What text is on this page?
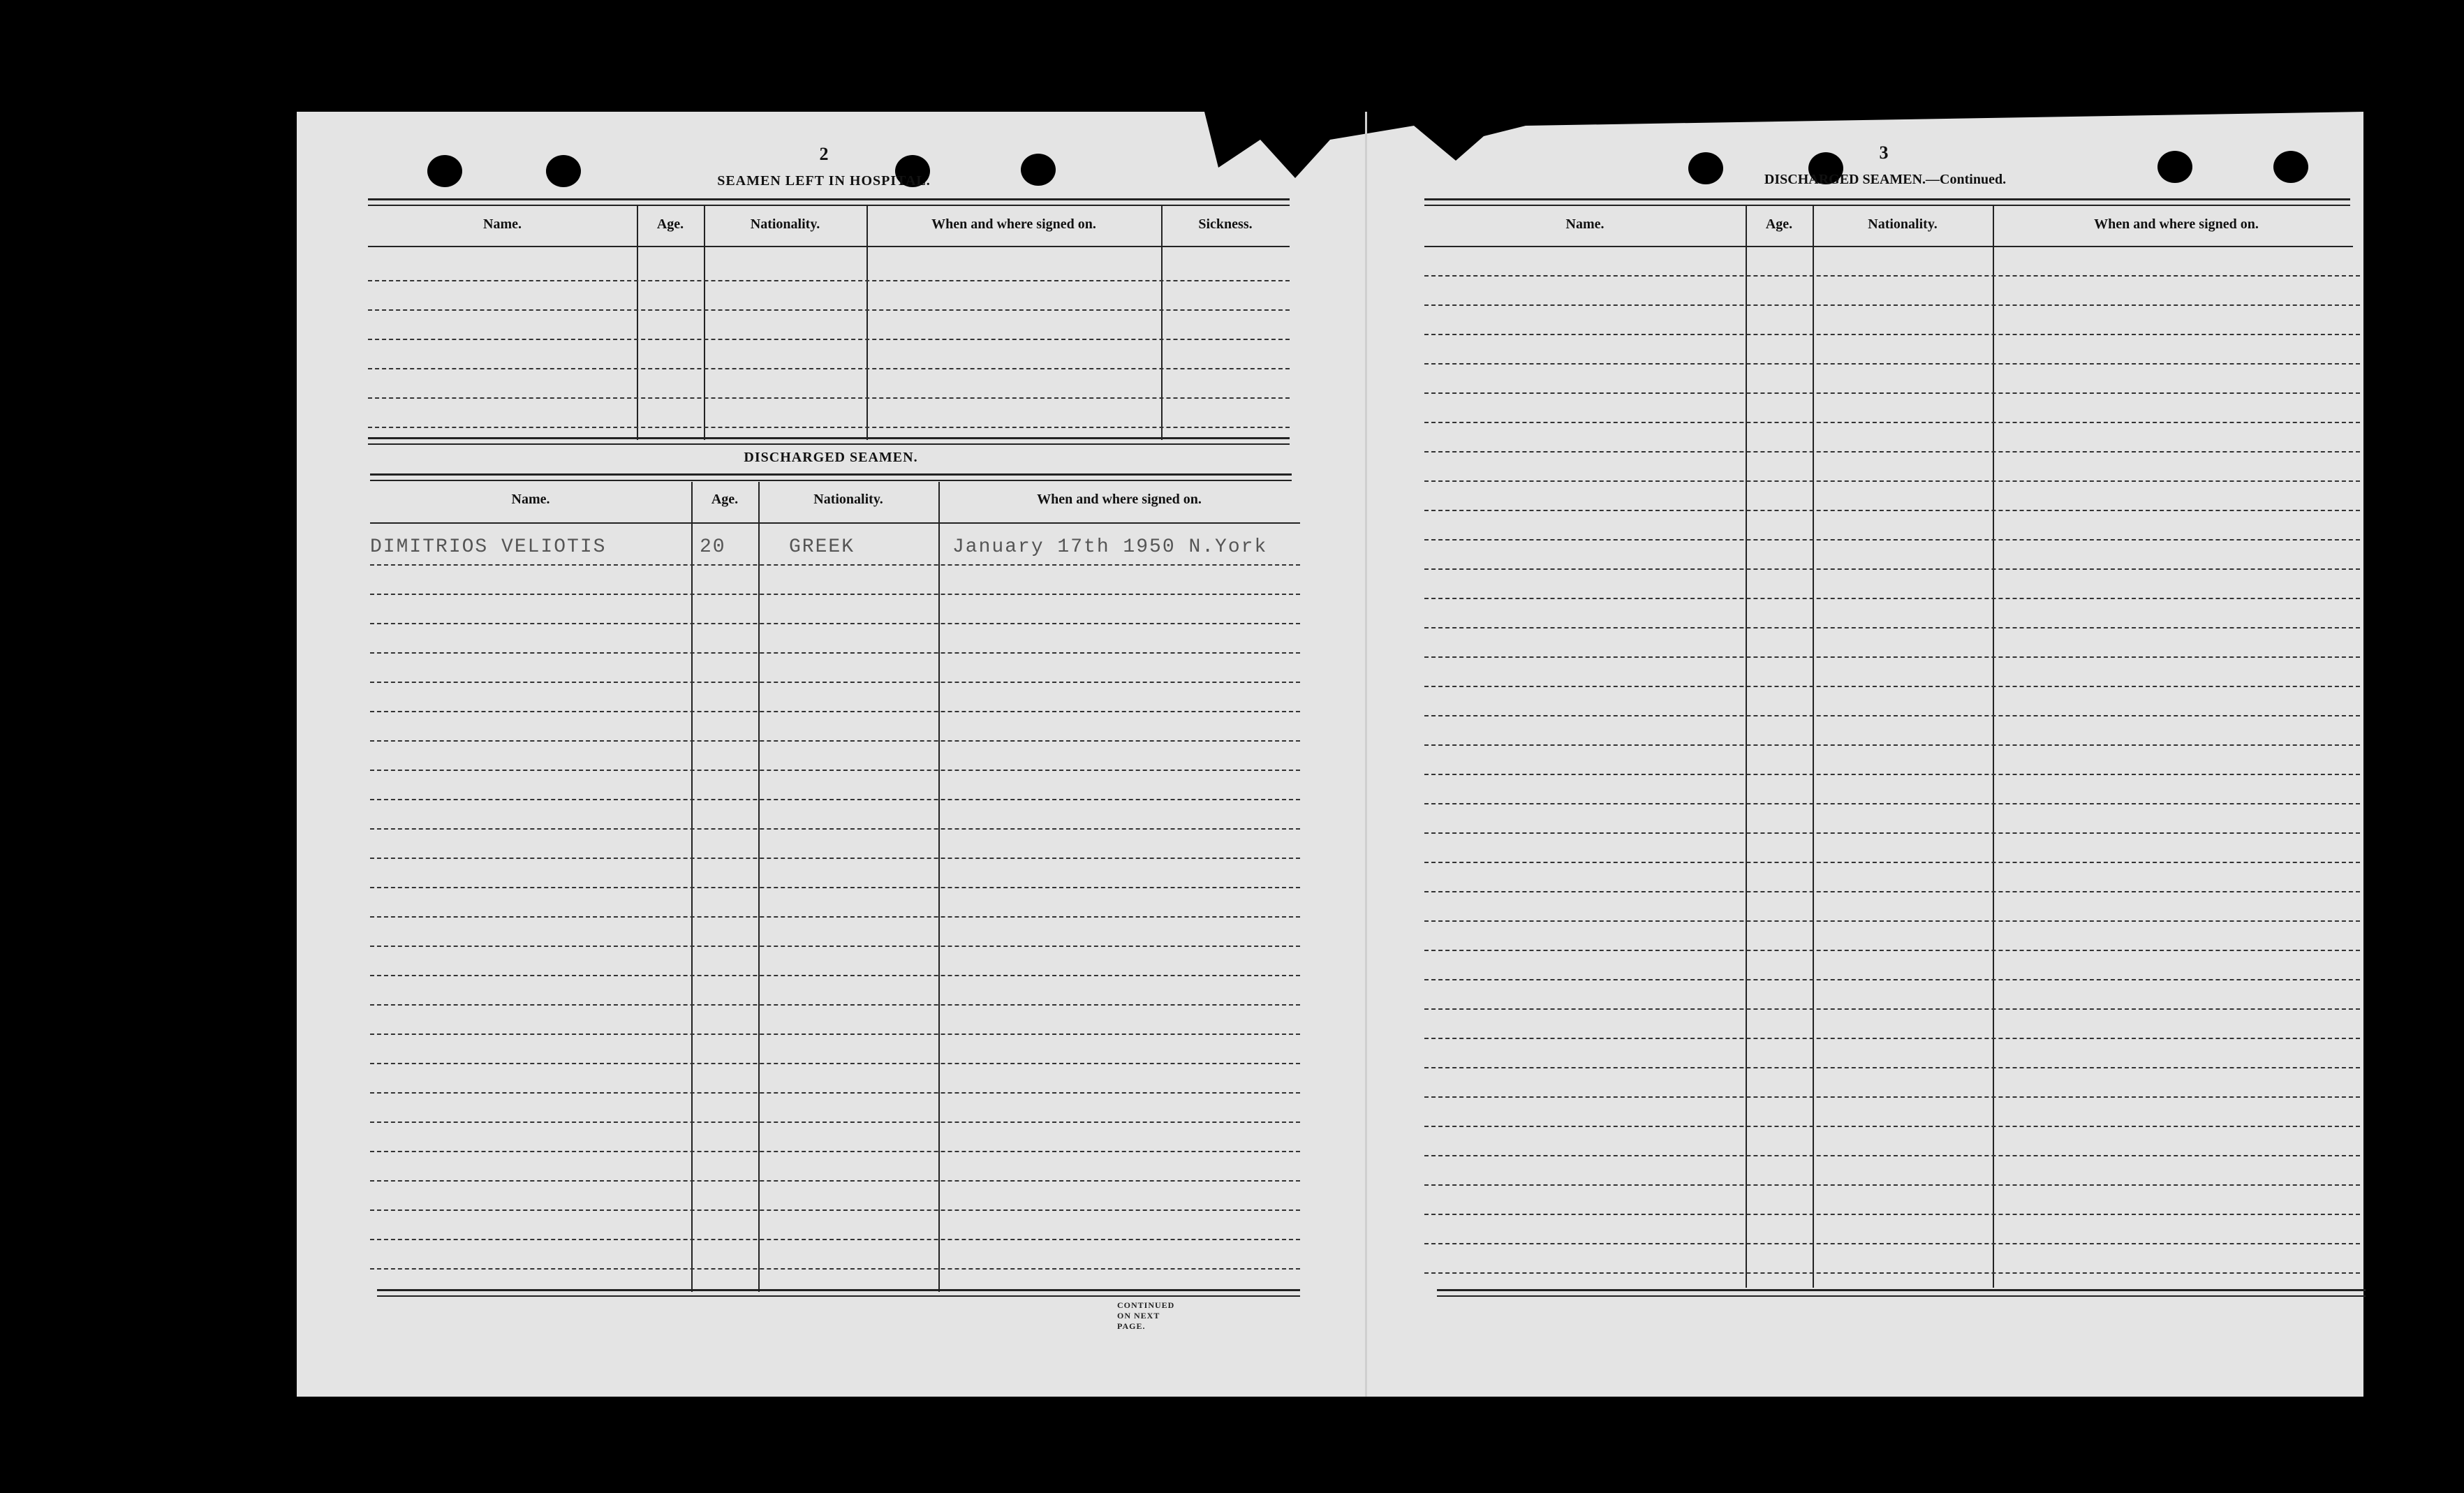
2
SEAMEN LEFT IN HOSPITAL.
Name.	Age.	Nationality.	When and where signed on.	Sickness.
DISCHARGED SEAMEN.
Name.	Age.	Nationality.	When and where signed on.
DIMITRIOS VELIOTIS	20	GREEK	January 17th 1950 N.York
CONTINUED ON NEXT PAGE.
3
DISCHARGED SEAMEN.—Continued.
Name.	Age.	Nationality.	When and where signed on.
